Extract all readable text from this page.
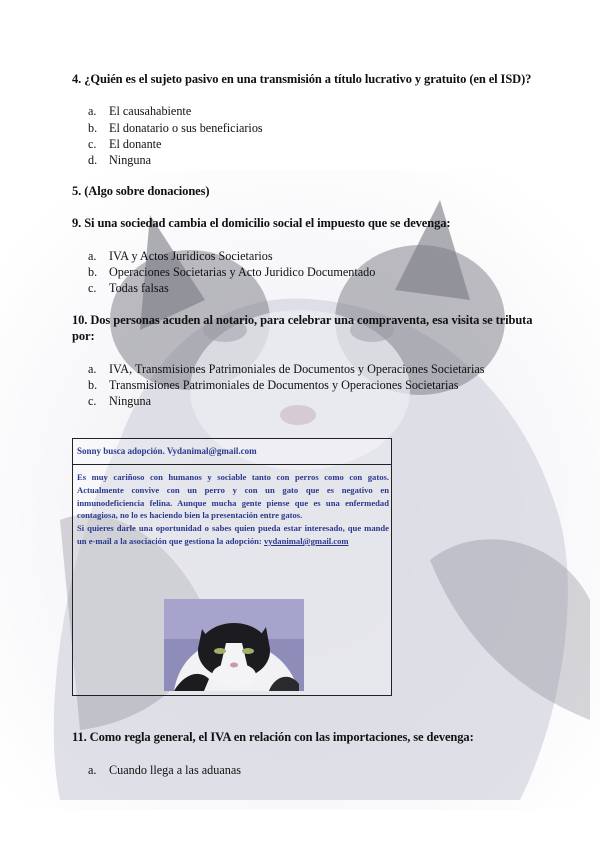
4. ¿Quién es el sujeto pasivo en una transmisión a título lucrativo y gratuito (en el ISD)?
a. El causahabiente
b. El donatario o sus beneficiarios
c. El donante
d. Ninguna
5. (Algo sobre donaciones)
9. Si una sociedad cambia el domicilio social el impuesto que se devenga:
a. IVA y Actos Juridicos Societarios
b. Operaciones Societarias y Acto Juridico Documentado
c. Todas falsas
10. Dos personas acuden al notario, para celebrar una compraventa, esa visita se tributa
por:
a. IVA, Transmisiones Patrimoniales de Documentos y Operaciones Societarias
b. Transmisiones Patrimoniales de Documentos y Operaciones Societarias
c. Ninguna
Sonny busca adopción. Vydanimal@gmail.com

Es muy cariñoso con humanos y sociable tanto con perros como con gatos. Actualmente convive con un perro y con un gato que es negativo en inmunodeficiencia felina. Aunque mucha gente piense que es una enfermedad contagiosa, no lo es haciendo bien la presentación entre gatos.

Si quieres darle una oportunidad o sabes quien pueda estar interesado, que mande un e-mail a la asociación que gestiona la adopción: vydanimal@gmail.com

11. Como regla general, el IVA en relación con las importaciones, se devenga:
a. Cuando llega a las aduanas
